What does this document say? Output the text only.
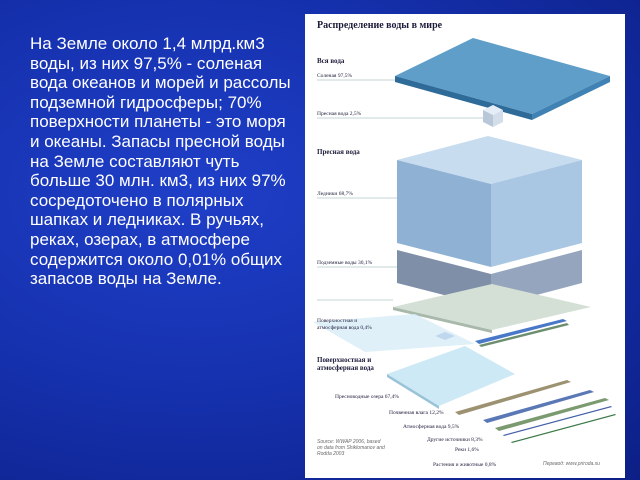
На Земле около 1,4 млрд.км3 воды, из них 97,5% - соленая вода океанов и морей и рассолы подземной гидросферы; 70% поверхности планеты - это моря и океаны. Запасы пресной воды на Земле составляют чуть больше 30 млн. км3, из них 97% сосредоточено в полярных шапках и ледниках. В ручьях, реках, озерах, в атмосфере содержится около 0,01% общих запасов воды на Земле.
Распределение воды в мире
Вся вода
Соленая 97,5%
Пресная вода 2,5%
Пресная вода
Ледники 68,7%
Подземные воды 30,1%
Поверхностная и
атмосферная вода 0,4%
Поверхностная и
атмосферная вода
Пресноводные озера 67,4%
Почвенная влага 12,2%
Атмосферная вода 9,5%
Другие источники 8,3%
Реки 1,6%
Растения и животные 0,8%
Source: WWAP 2006, based
on data from Shiklomanov and
Rodda 2003
Перевод: www.priroda.su
